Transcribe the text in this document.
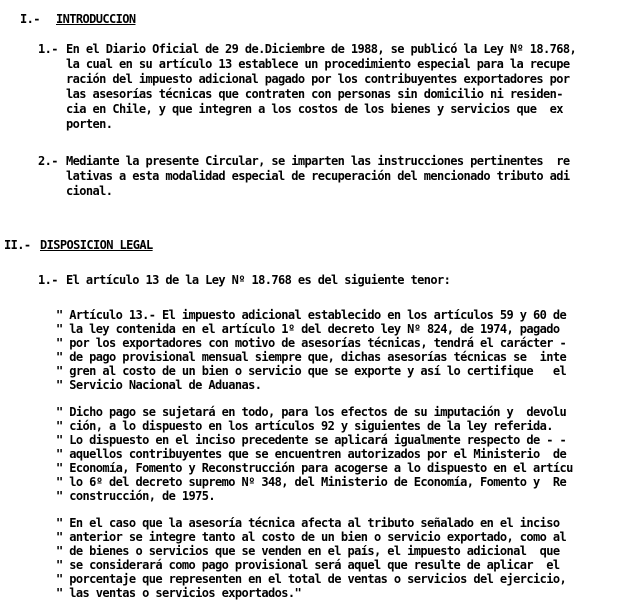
I.- INTRODUCCION
1.- En el Diario Oficial de 29 de.Diciembre de 1988, se publicó la Ley Nº 18.768,
la cual en su artículo 13 establece un procedimiento especial para la recupe
ración del impuesto adicional pagado por los contribuyentes exportadores por
las asesorías técnicas que contraten con personas sin domicilio ni residen-
cia en Chile, y que integren a los costos de los bienes y servicios que  ex
porten.
2.- Mediante la presente Circular, se imparten las instrucciones pertinentes  re
lativas a esta modalidad especial de recuperación del mencionado tributo adi
cional.
II.- DISPOSICION LEGAL
1.- El artículo 13 de la Ley Nº 18.768 es del siguiente tenor:
" Artículo 13.- El impuesto adicional establecido en los artículos 59 y 60 de
" la ley contenida en el artículo 1º del decreto ley Nº 824, de 1974, pagado
" por los exportadores con motivo de asesorías técnicas, tendrá el carácter -
" de pago provisional mensual siempre que, dichas asesorías técnicas se  inte
" gren al costo de un bien o servicio que se exporte y así lo certifique   el
" Servicio Nacional de Aduanas.
" Dicho pago se sujetará en todo, para los efectos de su imputación y  devolu
" ción, a lo dispuesto en los artículos 92 y siguientes de la ley referida.
" Lo dispuesto en el inciso precedente se aplicará igualmente respecto de - -
" aquellos contribuyentes que se encuentren autorizados por el Ministerio  de
" Economía, Fomento y Reconstrucción para acogerse a lo dispuesto en el artícu
" lo 6º del decreto supremo Nº 348, del Ministerio de Economía, Fomento y  Re
" construcción, de 1975.
" En el caso que la asesoría técnica afecta al tributo señalado en el inciso
" anterior se integre tanto al costo de un bien o servicio exportado, como al
" de bienes o servicios que se venden en el país, el impuesto adicional  que
" se considerará como pago provisional será aquel que resulte de aplicar  el
" porcentaje que representen en el total de ventas o servicios del ejercicio,
" las ventas o servicios exportados."
